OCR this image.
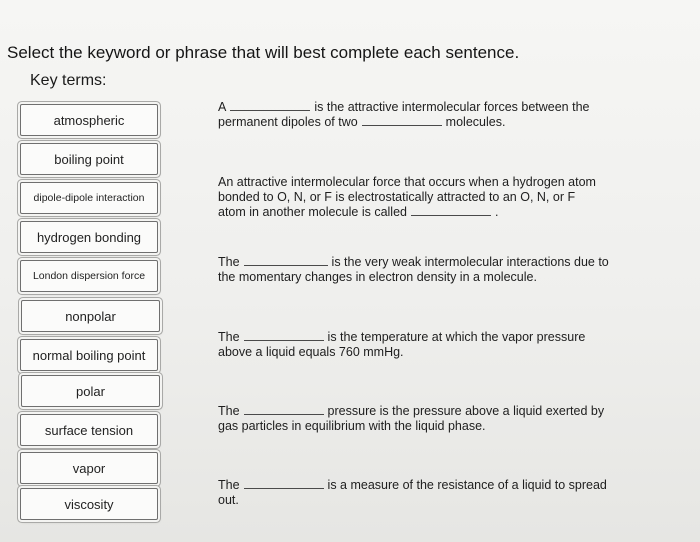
Select the keyword or phrase that will best complete each sentence.
Key terms:
atmospheric
boiling point
dipole-dipole interaction
hydrogen bonding
London dispersion force
nonpolar
normal boiling point
polar
surface tension
vapor
viscosity
A	is the attractive intermolecular forces between the
permanent dipoles of two	molecules.
An attractive intermolecular force that occurs when a hydrogen atom
bonded to O, N, or F is electrostatically attracted to an O, N, or F
atom in another molecule is called	.
The	is the very weak intermolecular interactions due to
the momentary changes in electron density in a molecule.
The	is the temperature at which the vapor pressure
above a liquid equals 760 mmHg.
The	pressure is the pressure above a liquid exerted by
gas particles in equilibrium with the liquid phase.
The	is a measure of the resistance of a liquid to spread
out.
